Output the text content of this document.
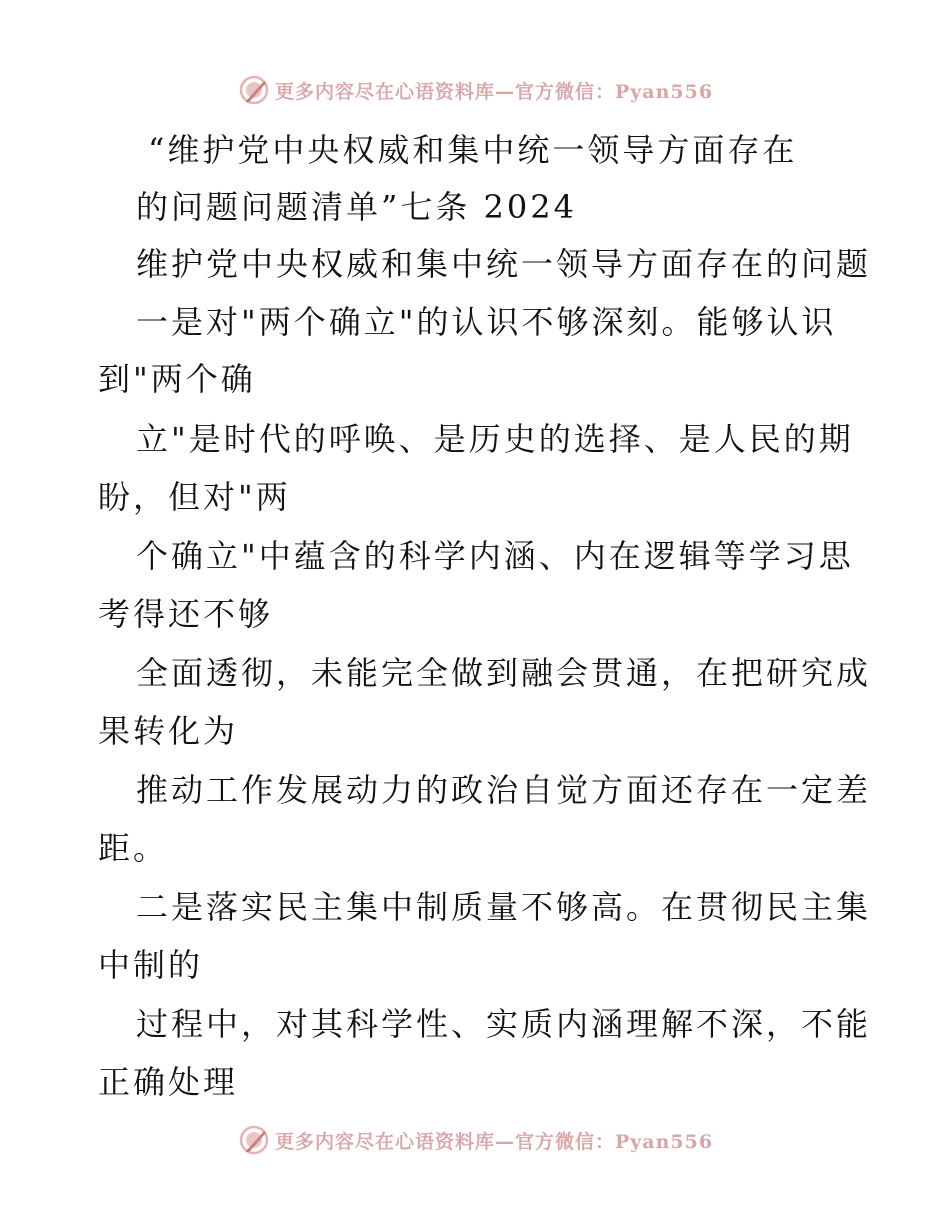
更多内容尽在心语资料库—官方微信：Pyan556
“维护党中央权威和集中统一领导方面存在
的问题问题清单”七条 2024
维护党中央权威和集中统一领导方面存在的问题
一是对"两个确立"的认识不够深刻。能够认识
到"两个确
立"是时代的呼唤、是历史的选择、是人民的期
盼，但对"两
个确立"中蕴含的科学内涵、内在逻辑等学习思
考得还不够
全面透彻，未能完全做到融会贯通，在把研究成
果转化为
推动工作发展动力的政治自觉方面还存在一定差
距。
二是落实民主集中制质量不够高。在贯彻民主集
中制的
过程中，对其科学性、实质内涵理解不深，不能
正确处理
更多内容尽在心语资料库—官方微信：Pyan556
